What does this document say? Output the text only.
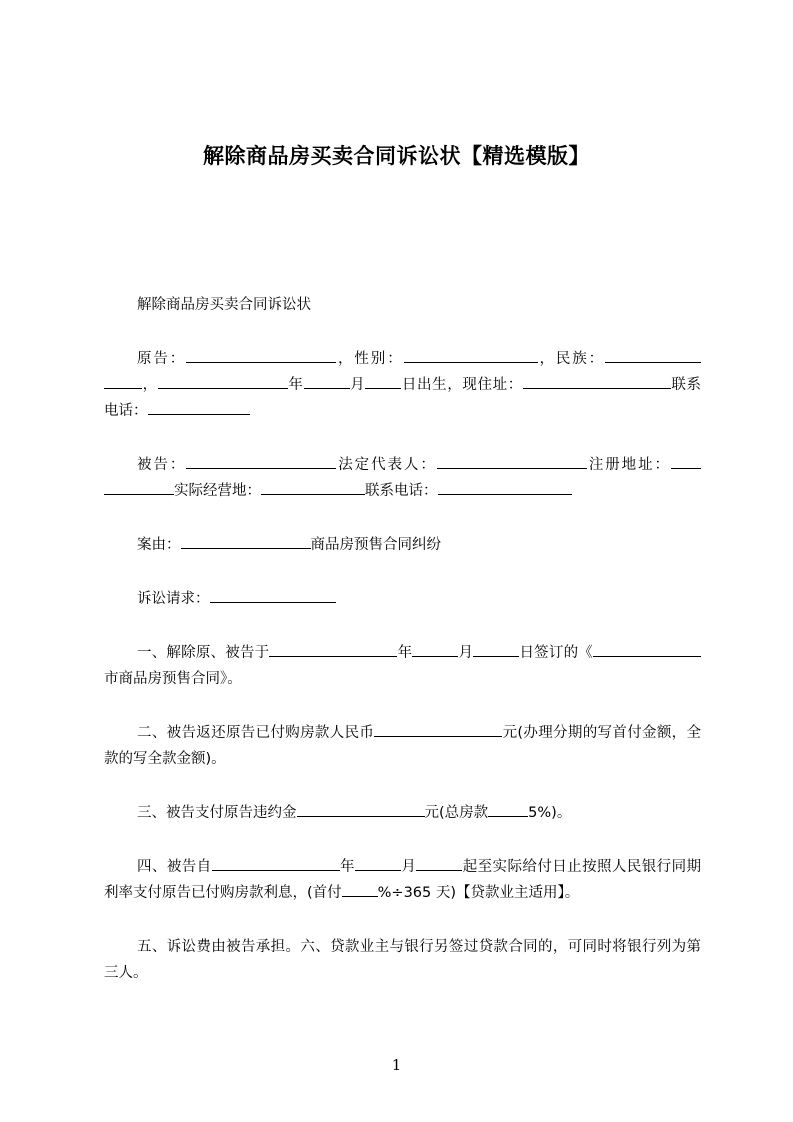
解除商品房买卖合同诉讼状【精选模版】

解除商品房买卖合同诉讼状

原告：	，性别：	，民族：，	年	月 日出生，现住址：	联系电话：

被告：	法定代表人：	注册地址：实际经营地：	联系电话：

案由：	商品房预售合同纠纷

诉讼请求：

一、解除原、被告于	年	月	日签订的《市商品房预售合同》。

二、被告返还原告已付购房款人民币	元(办理分期的写首付金额，全款的写全款金额)。

三、被告支付原告违约金	元(总房款	5%)。

四、被告自	年	月	起至实际给付日止按照人民银行同期利率支付原告已付购房款利息，(首付 %÷365 天)【贷款业主适用】。

五、诉讼费由被告承担。六、贷款业主与银行另签过贷款合同的，可同时将银行列为第三人。

1
